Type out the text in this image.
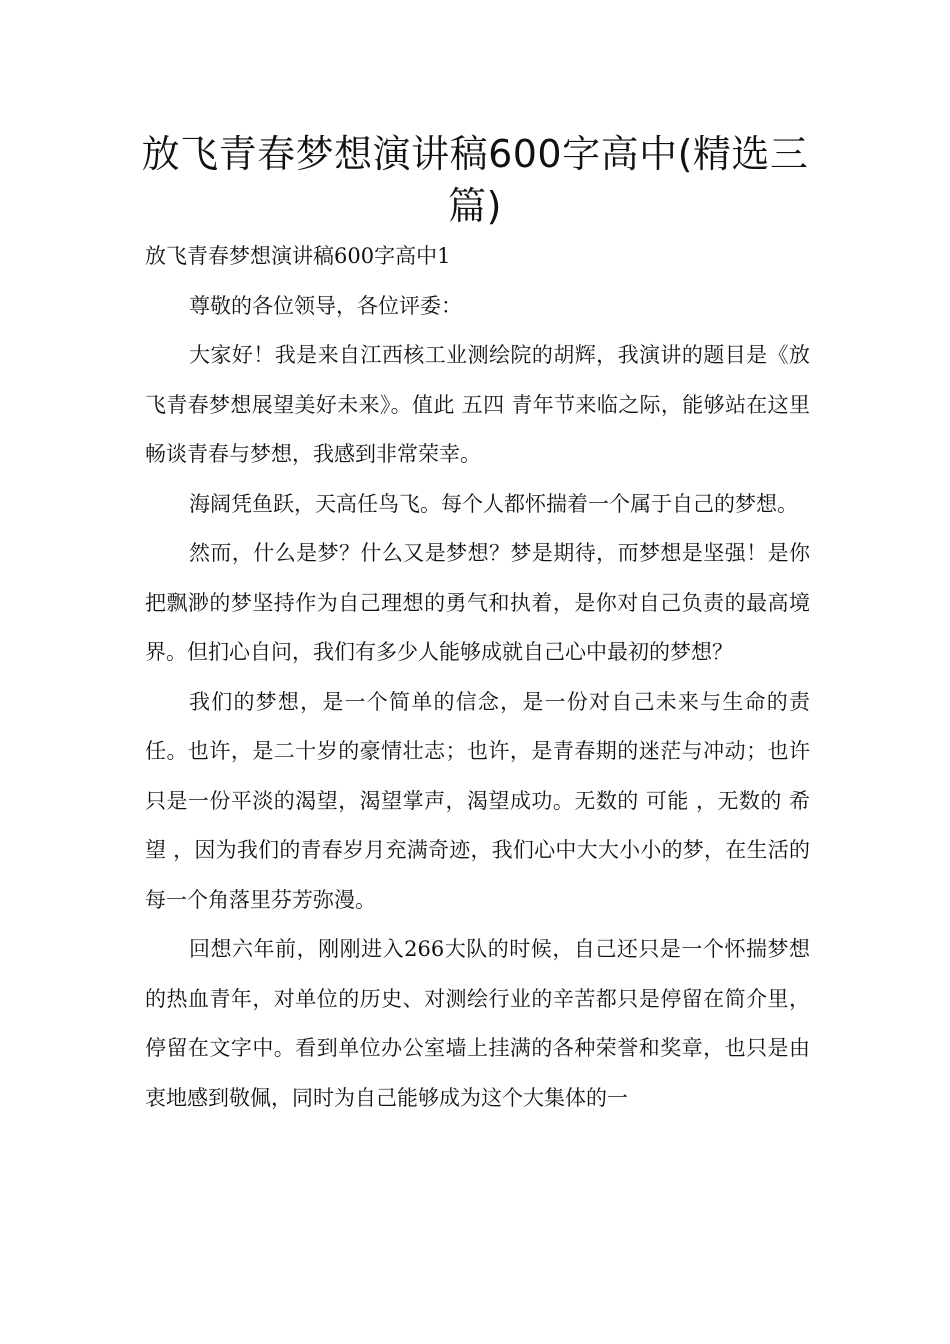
放飞青春梦想演讲稿600字高中(精选三篇)

放飞青春梦想演讲稿600字高中1

尊敬的各位领导，各位评委：

大家好！我是来自江西核工业测绘院的胡辉，我演讲的题目是《放飞青春梦想展望美好未来》。值此 五四 青年节来临之际，能够站在这里畅谈青春与梦想，我感到非常荣幸。

海阔凭鱼跃，天高任鸟飞。每个人都怀揣着一个属于自己的梦想。

然而，什么是梦？什么又是梦想？梦是期待，而梦想是坚强！是你把飘渺的梦坚持作为自己理想的勇气和执着，是你对自己负责的最高境界。但扪心自问，我们有多少人能够成就自己心中最初的梦想？

我们的梦想，是一个简单的信念，是一份对自己未来与生命的责任。也许，是二十岁的豪情壮志；也许，是青春期的迷茫与冲动；也许只是一份平淡的渴望，渴望掌声，渴望成功。无数的 可能 ，无数的 希望 ，因为我们的青春岁月充满奇迹，我们心中大大小小的梦，在生活的每一个角落里芬芳弥漫。

回想六年前，刚刚进入266大队的时候，自己还只是一个怀揣梦想的热血青年，对单位的历史、对测绘行业的辛苦都只是停留在简介里，停留在文字中。看到单位办公室墙上挂满的各种荣誉和奖章，也只是由衷地感到敬佩，同时为自己能够成为这个大集体的一
